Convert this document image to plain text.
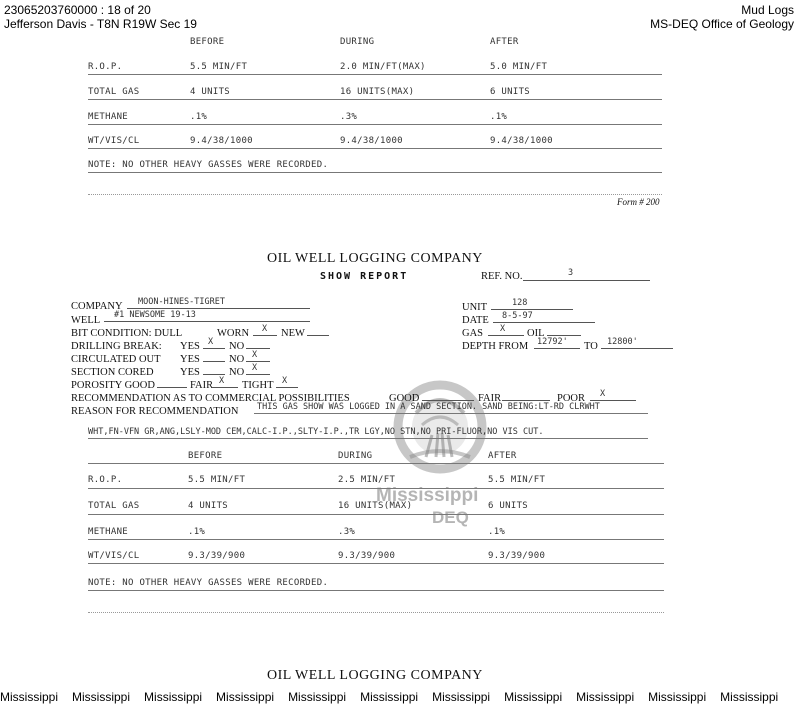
23065203760000 : 18 of 20
Jefferson Davis - T8N R19W Sec 19
Mud Logs
MS-DEQ Office of Geology
BEFORE	DURING	AFTER
R.O.P.	5.5 MIN/FT	2.0 MIN/FT(MAX)	5.0 MIN/FT
TOTAL GAS	4 UNITS	16 UNITS(MAX)	6 UNITS
METHANE	.1%	.3%	.1%
WT/VIS/CL	9.4/38/1000	9.4/38/1000	9.4/38/1000
NOTE: NO OTHER HEAVY GASSES WERE RECORDED.
Form # 200
Mississippi
DEQ
OIL WELL LOGGING COMPANY
SHOW REPORT	REF. NO.	3
COMPANY MOON-HINES-TIGRET
WELL #1 NEWSOME 19-13
BIT CONDITION: DULL	WORN X NEW
DRILLING BREAK: YES X NO
CIRCULATED OUT YES	NO X
SECTION CORED	YES	NO X
POROSITY GOOD	FAIR X TIGHT X
RECOMMENDATION AS TO COMMERCIAL POSSIBILITIES	GOOD	FAIR	POOR X
REASON FOR RECOMMENDATION THIS GAS SHOW WAS LOGGED IN A SAND SECTION. SAND BEING:LT-RD CLRWHT
WHT,FN-VFN GR,ANG,LSLY-MOD CEM,CALC-I.P.,SLTY-I.P.,TR LGY,NO STN,NO PRI-FLUOR,NO VIS CUT.
UNIT	128
DATE 8-5-97
GAS X OIL
DEPTH FROM 12792' TO 12800'
BEFORE	DURING	AFTER
R.O.P.	5.5 MIN/FT	2.5 MIN/FT	5.5 MIN/FT
TOTAL GAS	4 UNITS	16 UNITS(MAX)	6 UNITS
METHANE	.1%	.3%	.1%
WT/VIS/CL	9.3/39/900	9.3/39/900	9.3/39/900
NOTE: NO OTHER HEAVY GASSES WERE RECORDED.
OIL WELL LOGGING COMPANY
Mississippi Mississippi Mississippi Mississippi Mississippi Mississippi Mississippi Mississippi Mississippi Mississippi Mississippi
